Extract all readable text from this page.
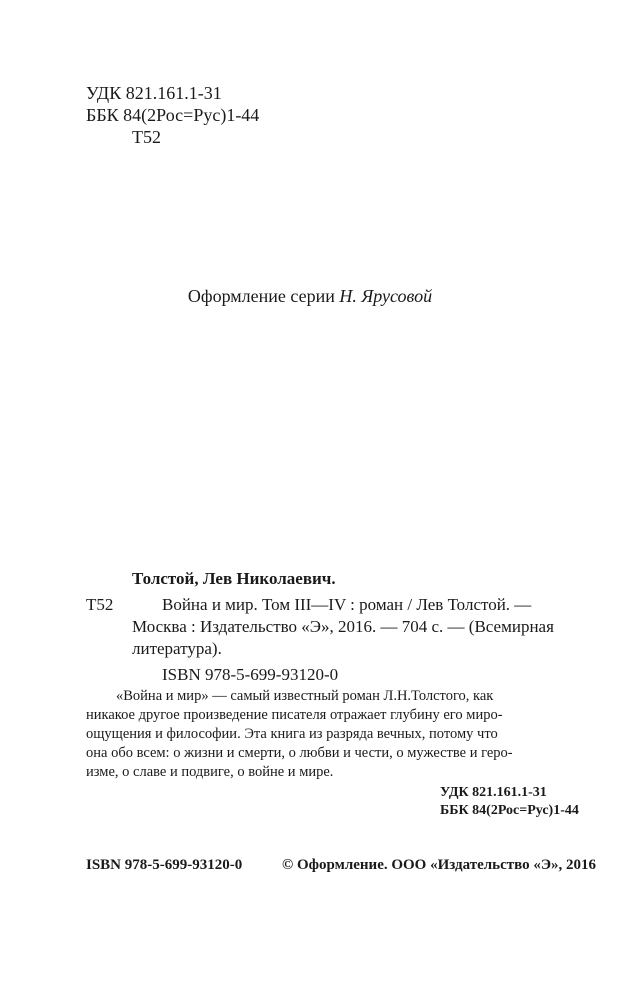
УДК 821.161.1-31
ББК 84(2Рос=Рус)1-44
Т52
Оформление серии Н. Ярусовой
Толстой, Лев Николаевич.
Т52	Война и мир. Том III—IV : роман / Лев Толстой. —
Москва : Издательство «Э», 2016. — 704 с. — (Всемирная
литература).
ISBN 978-5-699-93120-0

«Война и мир» — самый известный роман Л.Н.Толстого, как

никакое другое произведение писателя отражает глубину его миро-

ощущения и философии. Эта книга из разряда вечных, потому что

она обо всем: о жизни и смерти, о любви и чести, о мужестве и геро-

изме, о славе и подвиге, о войне и мире.

УДК 821.161.1-31
ББК 84(2Рос=Рус)1-44
ISBN 978-5-699-93120-0	© Оформление. ООО «Издательство «Э», 2016
